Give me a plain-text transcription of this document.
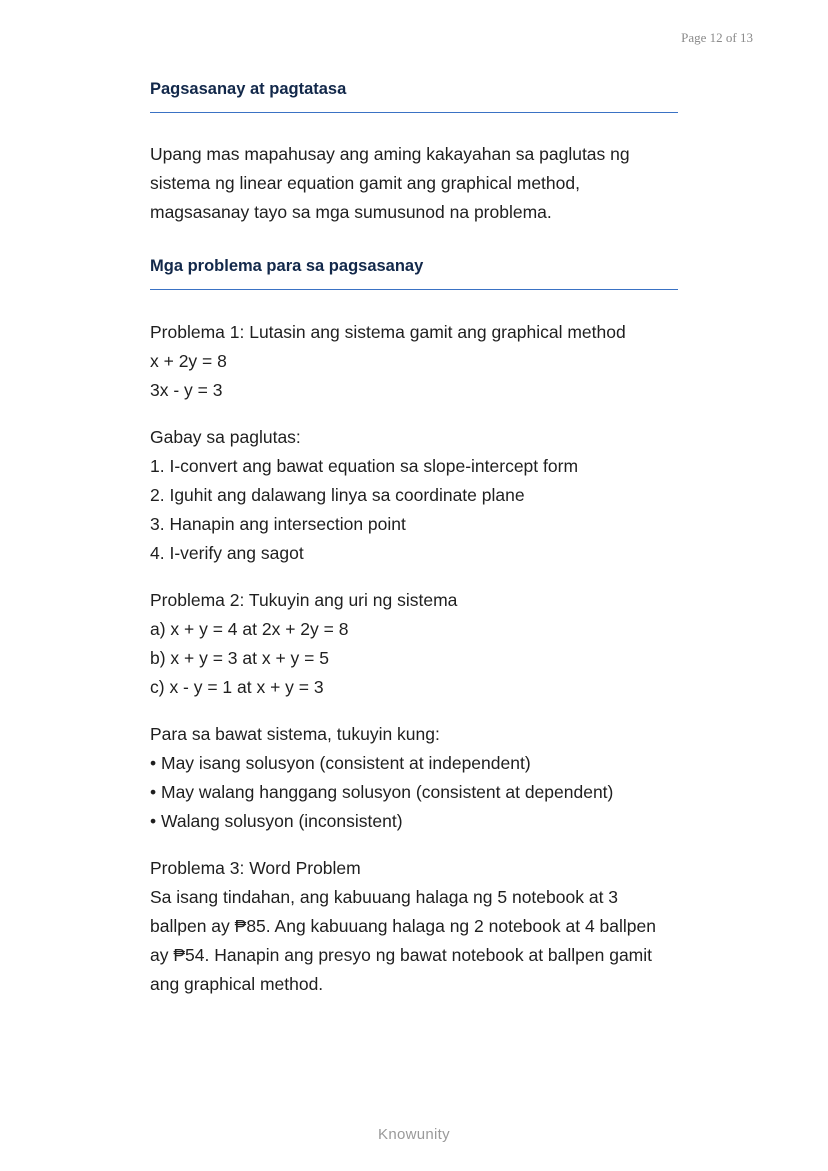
Page 12 of 13
Pagsasanay at pagtatasa

Upang mas mapahusay ang aming kakayahan sa paglutas ng
sistema ng linear equation gamit ang graphical method,
magsasanay tayo sa mga sumusunod na problema.

Mga problema para sa pagsasanay

Problema 1: Lutasin ang sistema gamit ang graphical method
x + 2y = 8
3x - y = 3

Gabay sa paglutas:
1. I-convert ang bawat equation sa slope-intercept form
2. Iguhit ang dalawang linya sa coordinate plane
3. Hanapin ang intersection point
4. I-verify ang sagot

Problema 2: Tukuyin ang uri ng sistema
a) x + y = 4 at 2x + 2y = 8
b) x + y = 3 at x + y = 5
c) x - y = 1 at x + y = 3

Para sa bawat sistema, tukuyin kung:
• May isang solusyon (consistent at independent)
• May walang hanggang solusyon (consistent at dependent)
• Walang solusyon (inconsistent)

Problema 3: Word Problem
Sa isang tindahan, ang kabuuang halaga ng 5 notebook at 3
ballpen ay ₱85. Ang kabuuang halaga ng 2 notebook at 4 ballpen
ay ₱54. Hanapin ang presyo ng bawat notebook at ballpen gamit
ang graphical method.

Knowunity
